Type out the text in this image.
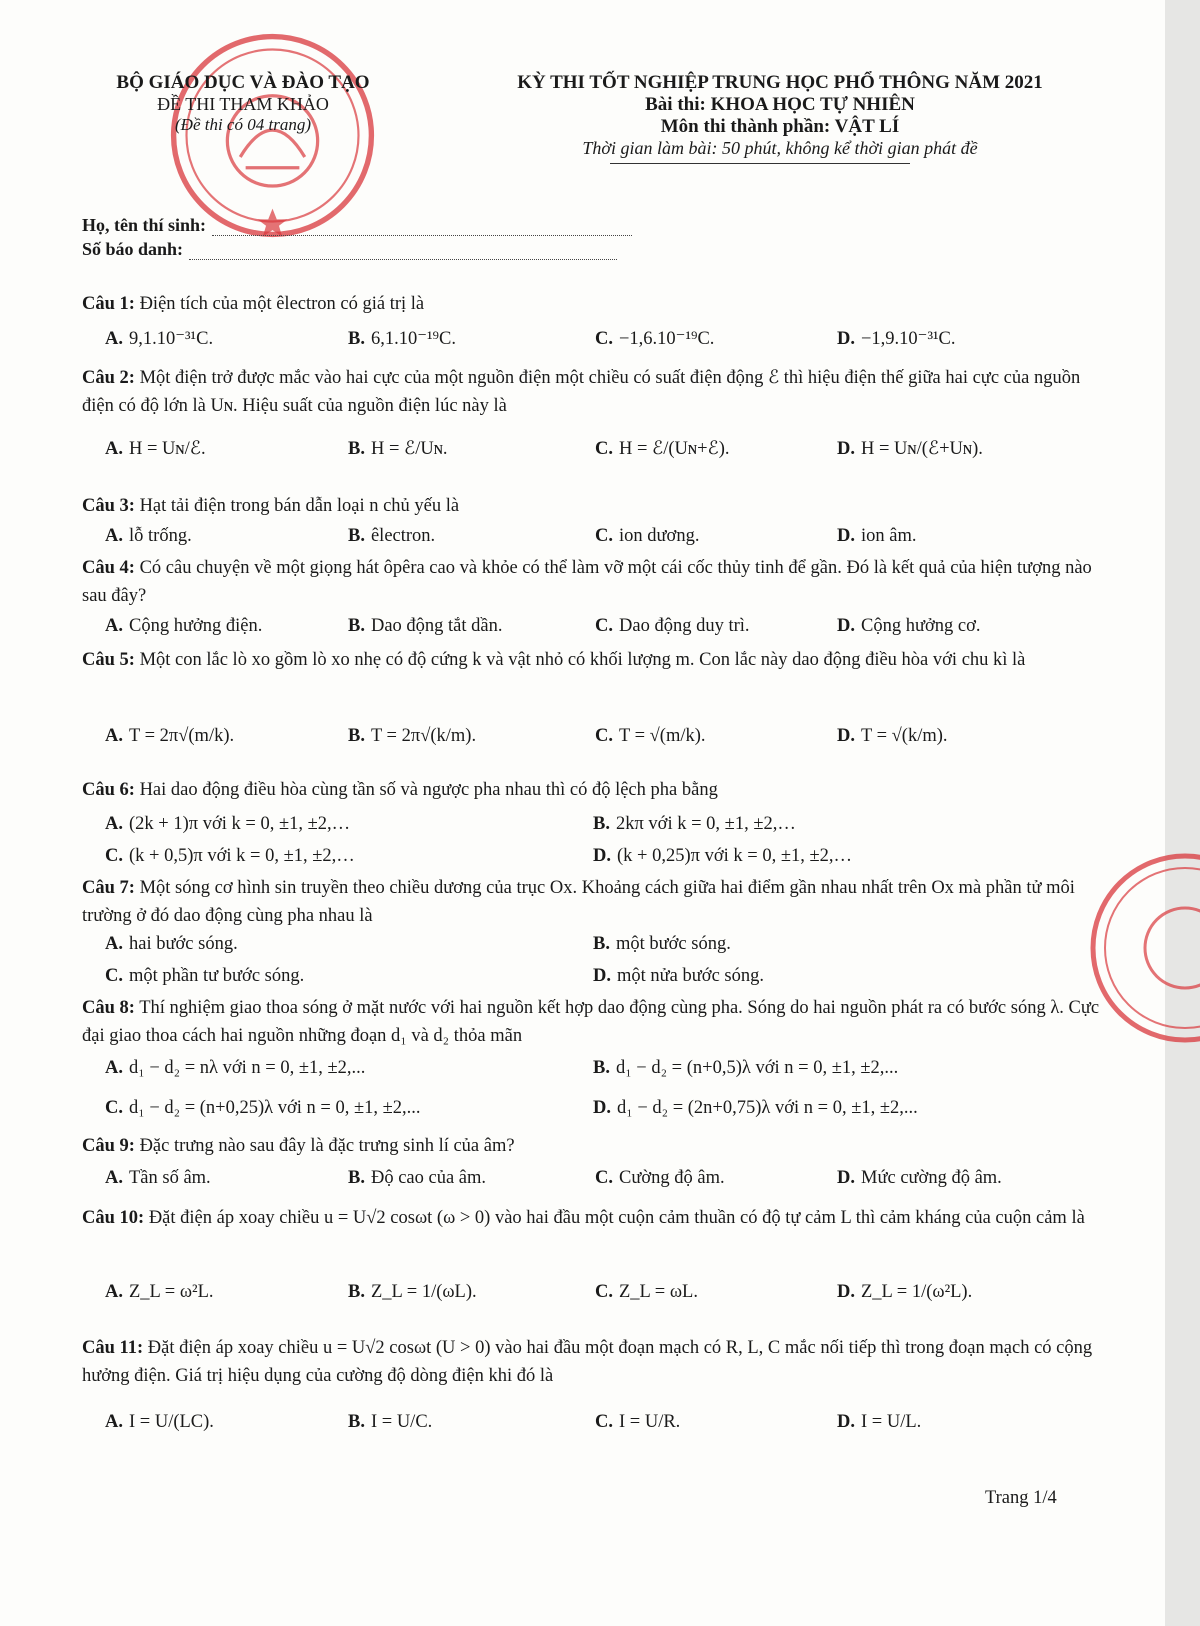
BỘ GIÁO DỤC VÀ ĐÀO TẠO
ĐỀ THI THAM KHẢO
(Đề thi có 04 trang)
KỲ THI TỐT NGHIỆP TRUNG HỌC PHỔ THÔNG NĂM 2021
Bài thi: KHOA HỌC TỰ NHIÊN
Môn thi thành phần: VẬT LÍ
Thời gian làm bài: 50 phút, không kể thời gian phát đề
Họ, tên thí sinh:
Số báo danh:
Câu 1: Điện tích của một êlectron có giá trị là
A. 9,1.10⁻³¹C.	B. 6,1.10⁻¹⁹C.	C. −1,6.10⁻¹⁹C.	D. −1,9.10⁻³¹C.
Câu 2: Một điện trở được mắc vào hai cực của một nguồn điện một chiều có suất điện động ℰ thì hiệu điện thế giữa hai cực của nguồn điện có độ lớn là Uɴ. Hiệu suất của nguồn điện lúc này là
A. H = Uɴ/ℰ.	B. H = ℰ/Uɴ.	C. H = ℰ/(Uɴ+ℰ).	D. H = Uɴ/(ℰ+Uɴ).
Câu 3: Hạt tải điện trong bán dẫn loại n chủ yếu là
A. lỗ trống.	B. êlectron.	C. ion dương.	D. ion âm.
Câu 4: Có câu chuyện về một giọng hát ôpêra cao và khỏe có thể làm vỡ một cái cốc thủy tinh để gần. Đó là kết quả của hiện tượng nào sau đây?
A. Cộng hưởng điện.	B. Dao động tắt dần.	C. Dao động duy trì.	D. Cộng hưởng cơ.
Câu 5: Một con lắc lò xo gồm lò xo nhẹ có độ cứng k và vật nhỏ có khối lượng m. Con lắc này dao động điều hòa với chu kì là
A. T = 2π√(m/k).	B. T = 2π√(k/m).	C. T = √(m/k).	D. T = √(k/m).
Câu 6: Hai dao động điều hòa cùng tần số và ngược pha nhau thì có độ lệch pha bằng
A. (2k + 1)π với k = 0, ±1, ±2,…	B. 2kπ với k = 0, ±1, ±2,…
C. (k + 0,5)π với k = 0, ±1, ±2,…	D. (k + 0,25)π với k = 0, ±1, ±2,…
Câu 7: Một sóng cơ hình sin truyền theo chiều dương của trục Ox. Khoảng cách giữa hai điểm gần nhau nhất trên Ox mà phần tử môi trường ở đó dao động cùng pha nhau là
A. hai bước sóng.	B. một bước sóng.
C. một phần tư bước sóng.	D. một nửa bước sóng.
Câu 8: Thí nghiệm giao thoa sóng ở mặt nước với hai nguồn kết hợp dao động cùng pha. Sóng do hai nguồn phát ra có bước sóng λ. Cực đại giao thoa cách hai nguồn những đoạn d₁ và d₂ thỏa mãn
A. d₁ − d₂ = nλ với n = 0, ±1, ±2,...	B. d₁ − d₂ = (n+0,5)λ với n = 0, ±1, ±2,...
C. d₁ − d₂ = (n+0,25)λ với n = 0, ±1, ±2,...	D. d₁ − d₂ = (2n+0,75)λ với n = 0, ±1, ±2,...
Câu 9: Đặc trưng nào sau đây là đặc trưng sinh lí của âm?
A. Tần số âm.	B. Độ cao của âm.	C. Cường độ âm.	D. Mức cường độ âm.
Câu 10: Đặt điện áp xoay chiều u = U√2 cosωt (ω > 0) vào hai đầu một cuộn cảm thuần có độ tự cảm L thì cảm kháng của cuộn cảm là
A. Z_L = ω²L.	B. Z_L = 1/(ωL).	C. Z_L = ωL.	D. Z_L = 1/(ω²L).
Câu 11: Đặt điện áp xoay chiều u = U√2 cosωt (U > 0) vào hai đầu một đoạn mạch có R, L, C mắc nối tiếp thì trong đoạn mạch có cộng hưởng điện. Giá trị hiệu dụng của cường độ dòng điện khi đó là
A. I = U/(LC).	B. I = U/C.	C. I = U/R.	D. I = U/L.
Trang 1/4
